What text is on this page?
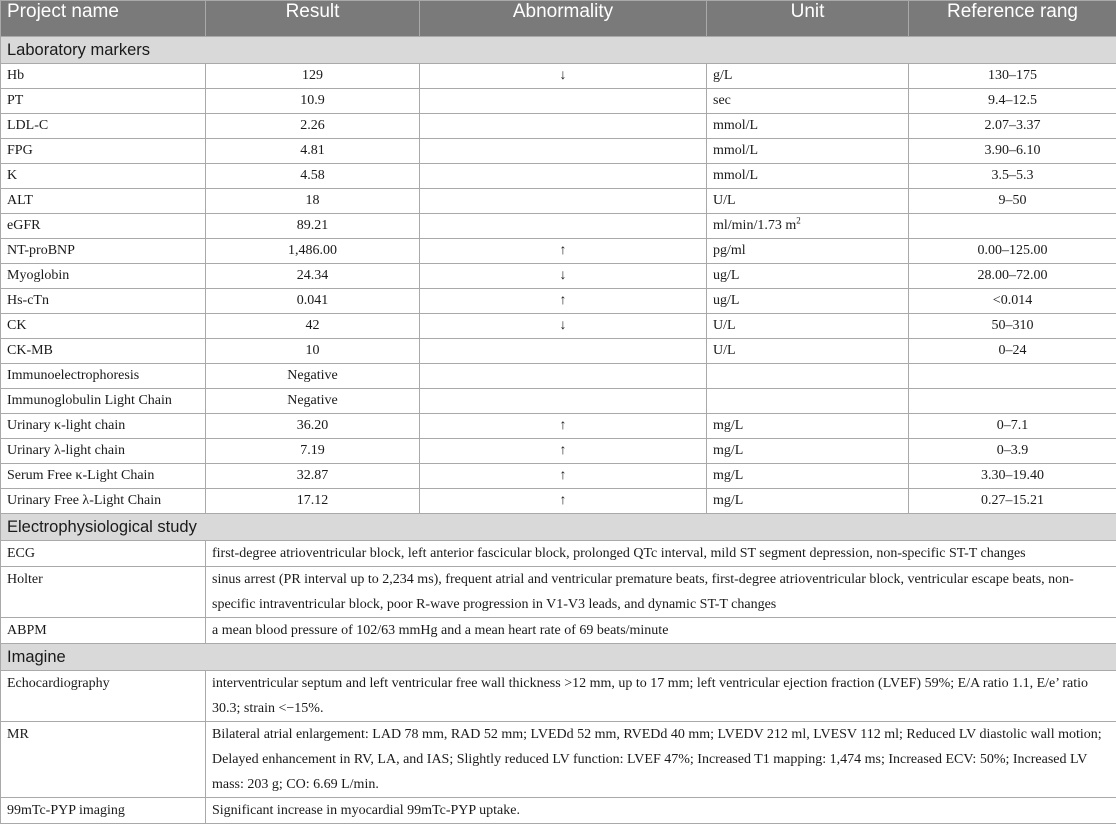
Project name	Result	Abnormality	Unit	Reference rang
Laboratory markers				
Hb	129	↓	g/L	130–175
PT	10.9		sec	9.4–12.5
LDL-C	2.26		mmol/L	2.07–3.37
FPG	4.81		mmol/L	3.90–6.10
K	4.58		mmol/L	3.5–5.3
ALT	18		U/L	9–50
eGFR	89.21		ml/min/1.73 $m^2$	
NT-proBNP	1,486.00	↑	pg/ml	0.00–125.00
Myoglobin	24.34	↓	ug/L	28.00–72.00
Hs-cTn	0.041	↑	ug/L	<0.014
CK	42	↓	U/L	50–310
CK-MB	10		U/L	0–24
Immunoelectrophoresis	Negative			
Immunoglobulin Light Chain	Negative			
Urinary κ-light chain	36.20	↑	mg/L	0–7.1
Urinary λ-light chain	7.19	↑	mg/L	0–3.9
Serum Free κ-Light Chain	32.87	↑	mg/L	3.30–19.40
Urinary Free λ-Light Chain	17.12	↑	mg/L	0.27–15.21
Electrophysiological study				
ECG	first-degree atrioventricular block, left anterior fascicular block, prolonged QTc interval, mild ST segment depression, non-specific ST-T changes			
Holter	sinus arrest (PR interval up to 2,234 ms), frequent atrial and ventricular premature beats, first-degree atrioventricular block, ventricular escape beats, non-specific intraventricular block, poor R-wave progression in V1-V3 leads, and dynamic ST-T changes			
ABPM	a mean blood pressure of 102/63 mmHg and a mean heart rate of 69 beats/minute			
Imagine				
Echocardiography	interventricular septum and left ventricular free wall thickness >12 mm, up to 17 mm; left ventricular ejection fraction (LVEF) 59%; E/A ratio 1.1, E/e’ ratio 30.3; strain <−15%.			
MR	Bilateral atrial enlargement: LAD 78 mm, RAD 52 mm; LVEDd 52 mm, RVEDd 40 mm; LVEDV 212 ml, LVESV 112 ml; Reduced LV diastolic wall motion; Delayed enhancement in RV, LA, and IAS; Slightly reduced LV function: LVEF 47%; Increased T1 mapping: 1,474 ms; Increased ECV: 50%; Increased LV mass: 203 g; CO: 6.69 L/min.			
99mTc-PYP imaging	Significant increase in myocardial 99mTc-PYP uptake.			
